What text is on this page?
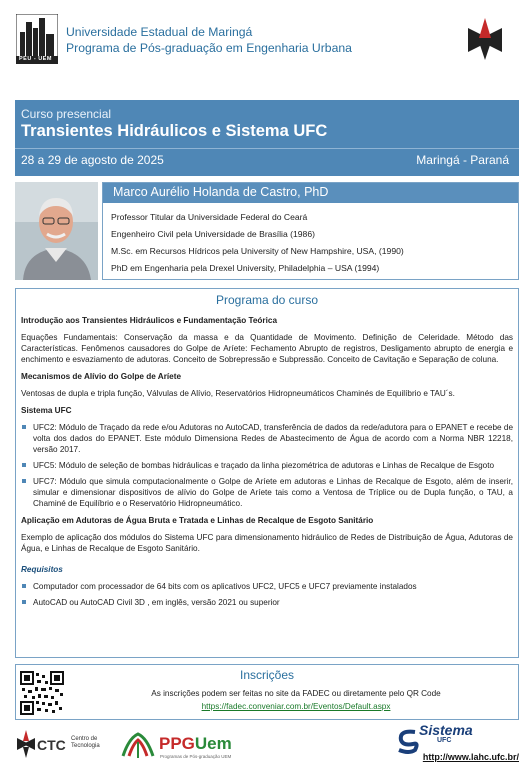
PEU - UEM
Universidade Estadual de Maringá
Programa de Pós-graduação em Engenharia Urbana
Curso presencial
Transientes Hidráulicos e Sistema UFC
28 a 29 de agosto de 2025	Maringá - Paraná
Marco Aurélio Holanda de Castro, PhD
Professor Titular da Universidade Federal do Ceará
Engenheiro Civil pela Universidade de Brasília (1986)
M.Sc. em Recursos Hídricos pela University of New Hampshire, USA, (1990)
PhD em Engenharia pela Drexel University, Philadelphia – USA (1994)
Programa do curso
Introdução aos Transientes Hidráulicos e Fundamentação Teórica
Equações Fundamentais: Conservação da massa e da Quantidade de Movimento. Definição de Celeridade. Método das Características. Fenômenos causadores do Golpe de Aríete: Fechamento Abrupto de registros, Desligamento abrupto de energia e enchimento e esvaziamento de adutoras. Conceito de Sobrepressão e Subpressão. Conceito de Cavitação e Separação de coluna.
Mecanismos de Alívio do Golpe de Aríete
Ventosas de dupla e tripla função, Válvulas de Alívio, Reservatórios Hidropneumáticos Chaminés de Equilíbrio e TAU´s.
Sistema UFC
UFC2: Módulo de Traçado da rede e/ou Adutoras no AutoCAD, transferência de dados da rede/adutora para o EPANET e recebe de volta dos dados do EPANET. Este módulo Dimensiona Redes de Abastecimento de Água de acordo com a Norma NBR 12218, versão 2017.
UFC5: Módulo de seleção de bombas hidráulicas e traçado da linha piezométrica de adutoras e Linhas de Recalque de Esgoto
UFC7: Módulo que simula computacionalmente o Golpe de Aríete em adutoras e Linhas de Recalque de Esgoto, além de inserir, simular e dimensionar dispositivos de alívio do Golpe de Aríete tais como a Ventosa de Tríplice ou de Dupla função, o TAU, a Chaminé de Equilíbrio e o Reservatório Hidropneumático.
Aplicação em Adutoras de Água Bruta e Tratada e Linhas de Recalque de Esgoto Sanitário
Exemplo de aplicação dos módulos do Sistema UFC para dimensionamento hidráulico de Redes de Distribuição de Água, Adutoras de Água, e Linhas de Recalque de Esgoto Sanitário.
Requisitos
Computador com processador de 64 bits com os aplicativos UFC2, UFC5 e UFC7 previamente instalados
AutoCAD ou AutoCAD Civil 3D , em inglês, versão 2021 ou superior
Inscrições
As inscrições podem ser feitas no site da FADEC ou diretamente pelo QR Code
https://fadec.conveniar.com.br/Eventos/Default.aspx
CTC Centro de
Tecnologia	PPGUem
Programas de Pós-graduação UEM
Sistema
UFC
http://www.lahc.ufc.br/
